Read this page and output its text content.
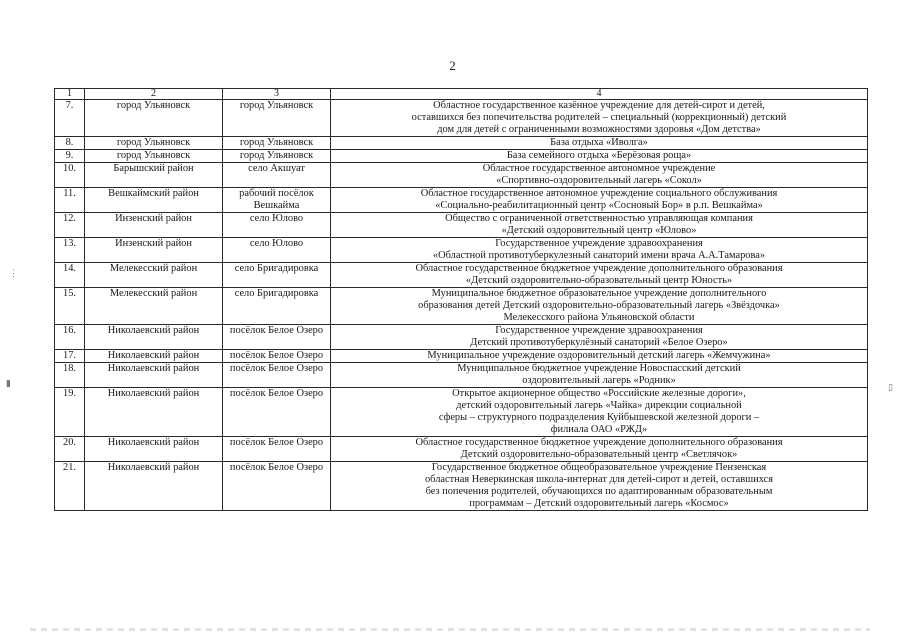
2
1	2	3	4
7.	город Ульяновск	город Ульяновск	Областное государственное казённое учреждение для детей-сирот и детей,
оставшихся без попечительства родителей – специальный (коррекционный) детский
дом для детей с ограниченными возможностями здоровья «Дом детства»

8.	город Ульяновск	город Ульяновск	База отдыха «Иволга»

9.	город Ульяновск	город Ульяновск	База семейного отдыха «Берёзовая роща»

10.	Барышский район	село Акшуат	Областное государственное автономное учреждение
«Спортивно-оздоровительный лагерь «Сокол»

11.	Вешкаймский район	рабочий посёлок Вешкайма	Областное государственное автономное учреждение социального обслуживания
«Социально-реабилитационный центр «Сосновый Бор» в р.п. Вешкайма»

12.	Инзенский район	село Юлово	Общество с ограниченной ответственностью управляющая компания
«Детский оздоровительный центр «Юлово»

13.	Инзенский район	село Юлово	Государственное учреждение здравоохранения
«Областной противотуберкулезный санаторий имени врача А.А.Тамарова»

14.	Мелекесский район	село Бригадировка	Областное государственное бюджетное учреждение дополнительного образования
«Детский оздоровительно-образовательный центр Юность»

15.	Мелекесский район	село Бригадировка	Муниципальное бюджетное образовательное учреждение дополнительного
образования детей Детский оздоровительно-образовательный лагерь «Звёздочка»
Мелекесского района Ульяновской области

16.	Николаевский район	посёлок Белое Озеро	Государственное учреждение здравоохранения
Детский противотуберкулёзный санаторий «Белое Озеро»

17.	Николаевский район	посёлок Белое Озеро	Муниципальное учреждение оздоровительный детский лагерь «Жемчужина»

18.	Николаевский район	посёлок Белое Озеро	Муниципальное бюджетное учреждение Новоспасский детский
оздоровительный лагерь «Родник»

19.	Николаевский район	посёлок Белое Озеро	Открытое акционерное общество «Российские железные дороги»,
детский оздоровительный лагерь «Чайка» дирекции социальной
сферы – структурного подразделения Куйбышевской железной дороги –
филиала ОАО «РЖД»

20.	Николаевский район	посёлок Белое Озеро	Областное государственное бюджетное учреждение дополнительного образования
Детский оздоровительно-образовательный центр «Светлячок»

21.	Николаевский район	посёлок Белое Озеро	Государственное бюджетное общеобразовательное учреждение Пензенская
областная Неверкинская школа-интернат для детей-сирот и детей, оставшихся
без попечения родителей, обучающихся по адаптированным образовательным
программам – Детский оздоровительный лагерь «Космос»
⋮
▮	▯
